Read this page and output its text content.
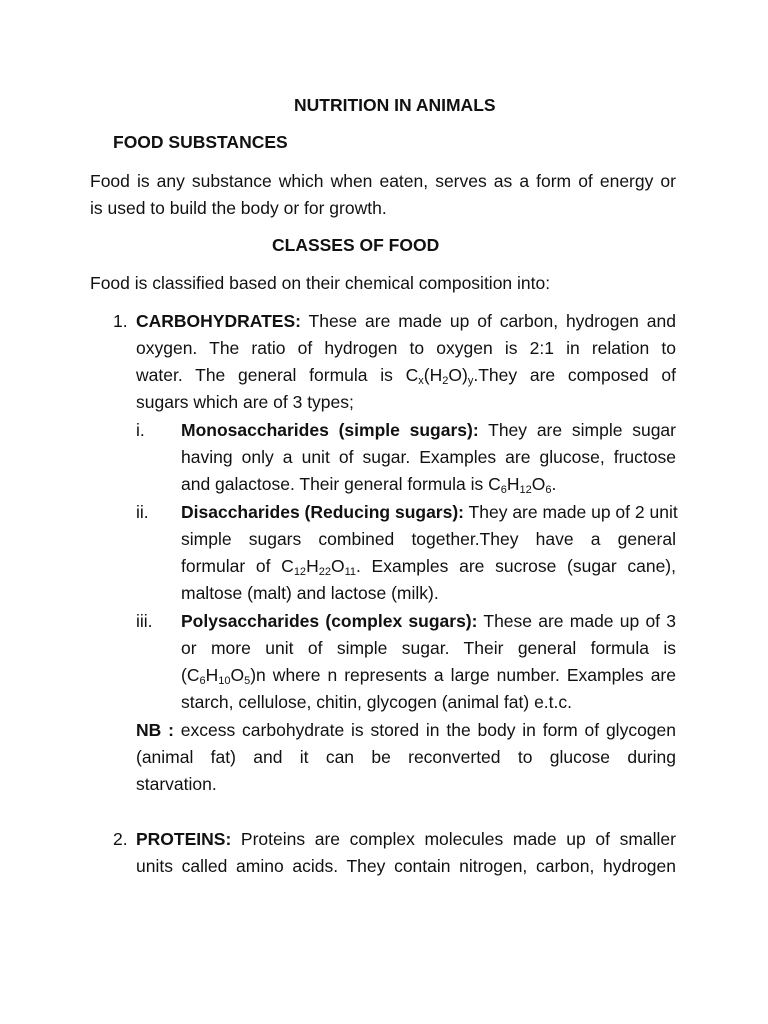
NUTRITION IN ANIMALS
FOOD SUBSTANCES
Food is any substance which when eaten, serves as a form of energy or
is used to build the body or for growth.
CLASSES OF FOOD
Food is classified based on their chemical composition into:
1. CARBOHYDRATES: These are made up of carbon, hydrogen and
oxygen. The ratio of hydrogen to oxygen is 2:1 in relation to
water. The general formula is $C_x(H_2O)_y.They$ are composed of
sugars which are of 3 types;
i. Monosaccharides (simple sugars): They are simple sugar
having only a unit of sugar. Examples are glucose, fructose
and galactose. Their general formula is $C_6H_{12}O_6$.
ii. Disaccharides (Reducing sugars): They are made up of 2 unit
simple sugars combined together.They have a general
formular of $C_{12}H_{22}O_{11}$. Examples are sucrose (sugar cane),
maltose (malt) and lactose (milk).
iii. Polysaccharides (complex sugars): These are made up of 3
or more unit of simple sugar. Their general formula is
$(C_6H_{10}O_5)n$ where n represents a large number. Examples are
starch, cellulose, chitin, glycogen (animal fat) e.t.c.
NB : excess carbohydrate is stored in the body in form of glycogen
(animal fat) and it can be reconverted to glucose during
starvation.
2. PROTEINS: Proteins are complex molecules made up of smaller
units called amino acids. They contain nitrogen, carbon, hydrogen
